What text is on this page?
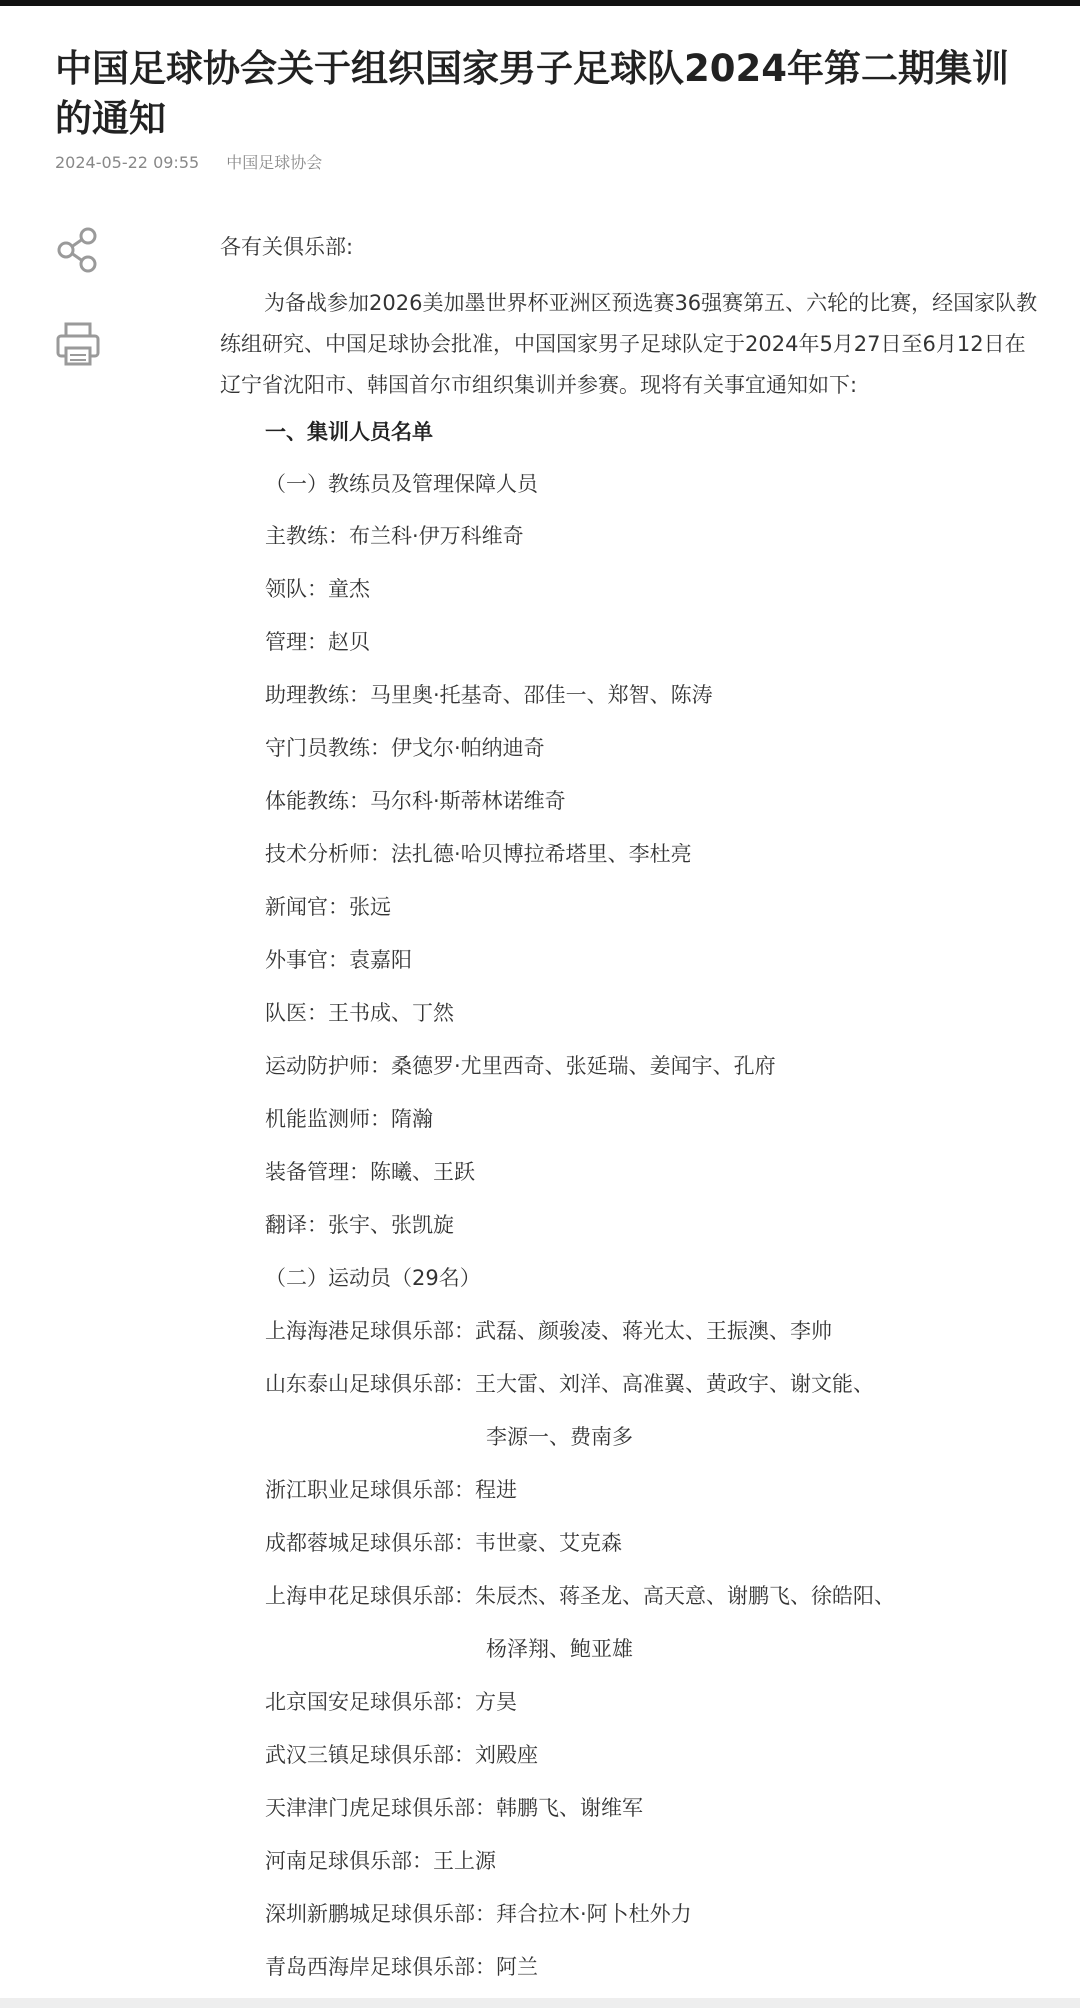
中国足球协会关于组织国家男子足球队2024年第二期集训的通知
2024-05-22 09:55 中国足球协会
各有关俱乐部:

为备战参加2026美加墨世界杯亚洲区预选赛36强赛第五、六轮的比赛，经国家队教练组研究、中国足球协会批准，中国国家男子足球队定于2024年5月27日至6月12日在辽宁省沈阳市、韩国首尔市组织集训并参赛。现将有关事宜通知如下:

一、集训人员名单
（一）教练员及管理保障人员
主教练：布兰科·伊万科维奇
领队：童杰
管理：赵贝
助理教练：马里奥·托基奇、邵佳一、郑智、陈涛
守门员教练：伊戈尔·帕纳迪奇
体能教练：马尔科·斯蒂林诺维奇
技术分析师：法扎德·哈贝博拉希塔里、李杜亮
新闻官：张远
外事官：袁嘉阳
队医：王书成、丁然
运动防护师：桑德罗·尤里西奇、张延瑞、姜闻宇、孔府
机能监测师：隋瀚
装备管理：陈曦、王跃
翻译：张宇、张凯旋
（二）运动员（29名）
上海海港足球俱乐部：武磊、颜骏凌、蒋光太、王振澳、李帅
山东泰山足球俱乐部：王大雷、刘洋、高准翼、黄政宇、谢文能、
李源一、费南多
浙江职业足球俱乐部：程进
成都蓉城足球俱乐部：韦世豪、艾克森
上海申花足球俱乐部：朱辰杰、蒋圣龙、高天意、谢鹏飞、徐皓阳、
杨泽翔、鲍亚雄
北京国安足球俱乐部：方昊
武汉三镇足球俱乐部：刘殿座
天津津门虎足球俱乐部：韩鹏飞、谢维军
河南足球俱乐部：王上源
深圳新鹏城足球俱乐部：拜合拉木·阿卜杜外力
青岛西海岸足球俱乐部：阿兰
